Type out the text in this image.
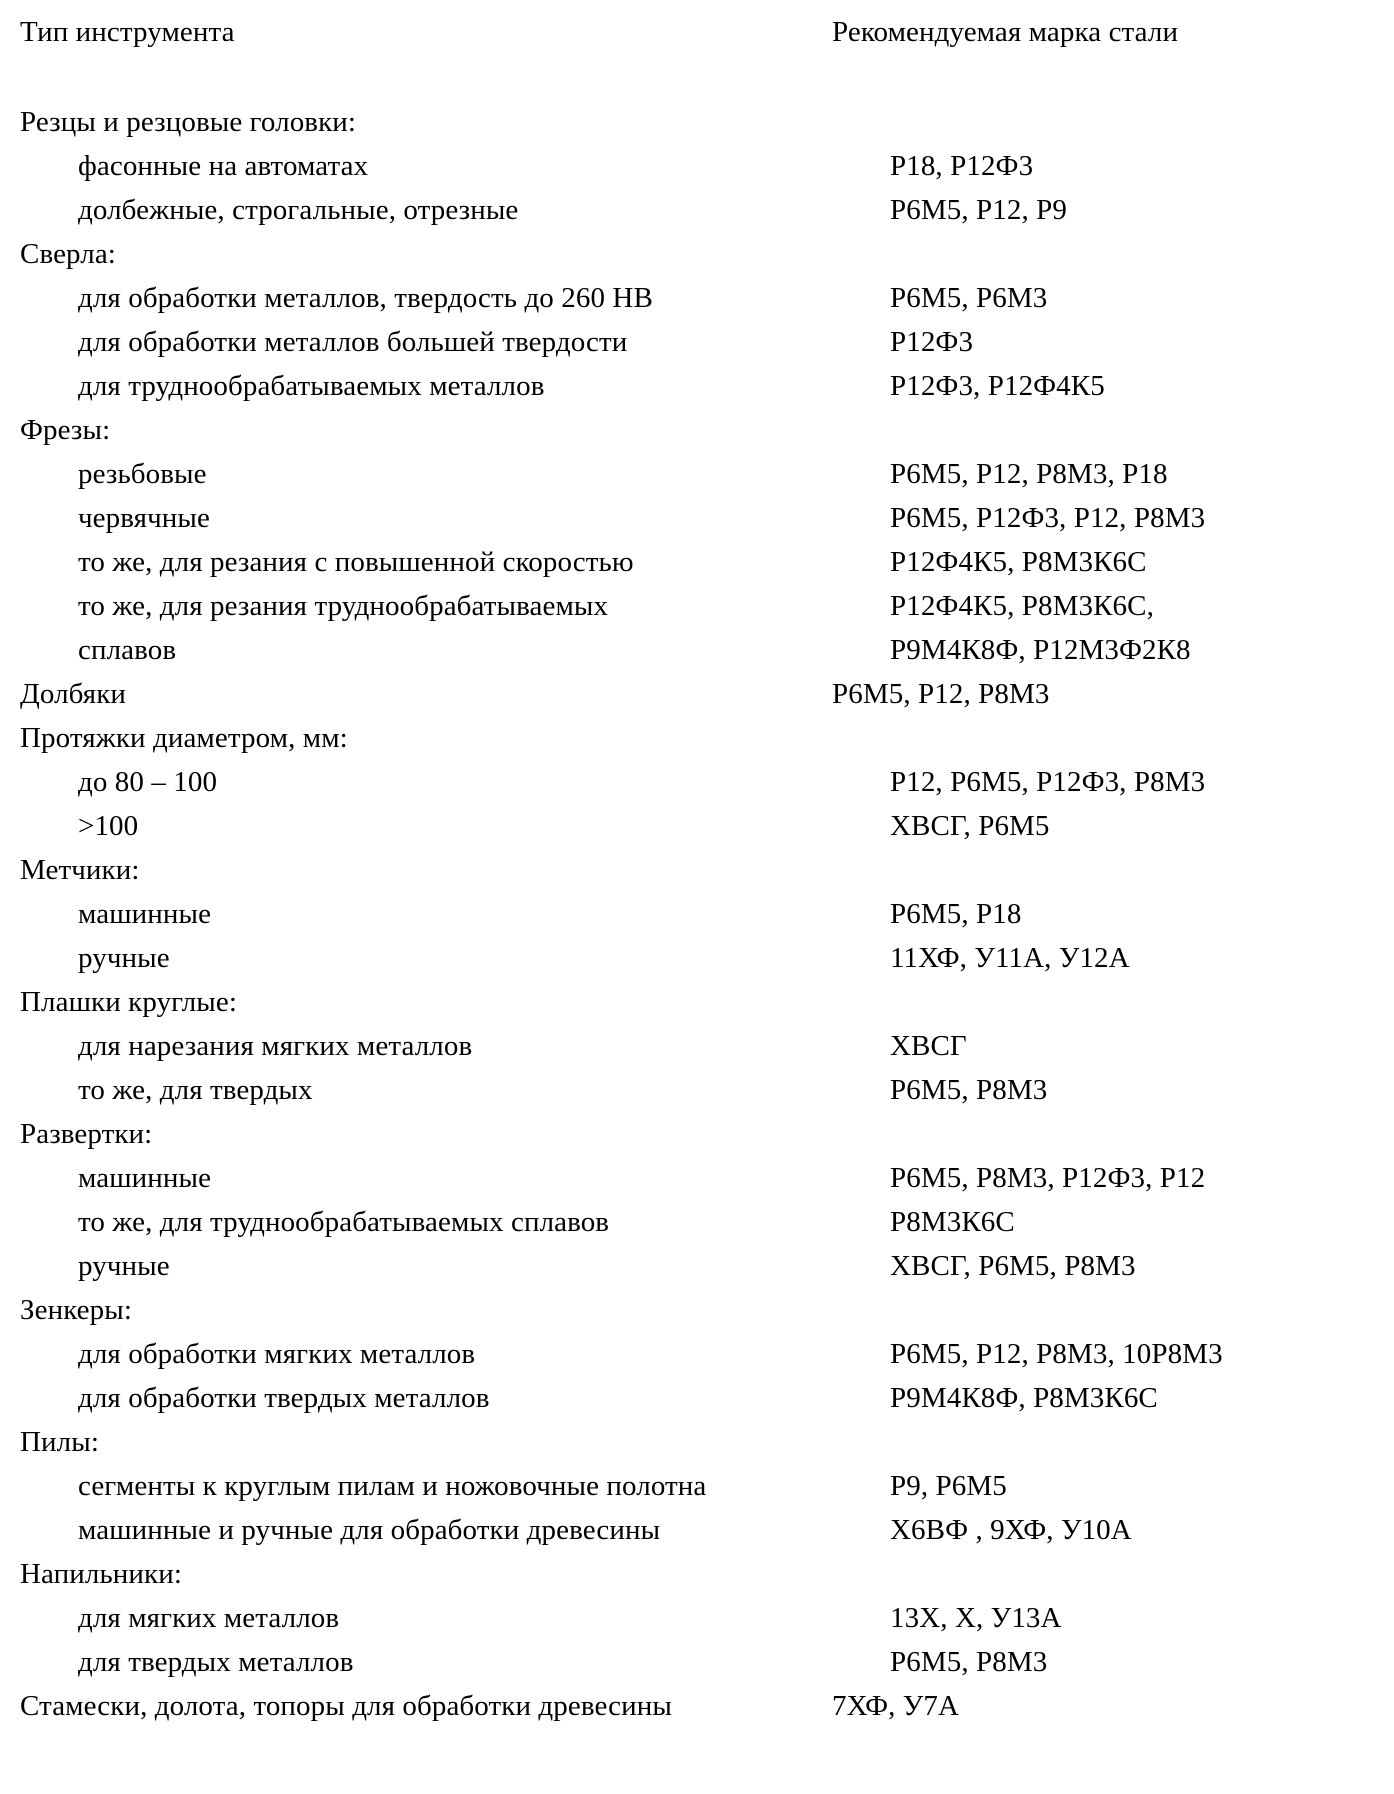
Тип инструмента	Рекомендуемая марка стали
Резцы и резцовые головки:
фасонные на автоматах	Р18, Р12Ф3
долбежные, строгальные, отрезные	Р6М5, Р12, Р9
Сверла:
для обработки металлов, твердость до 260 НВ	Р6М5, Р6М3
для обработки металлов большей твердости	Р12Ф3
для труднообрабатываемых металлов	Р12Ф3, Р12Ф4К5
Фрезы:
резьбовые	Р6М5, Р12, Р8М3, Р18
червячные	Р6М5, Р12Ф3, Р12, Р8М3
то же, для резания с повышенной скоростью	Р12Ф4К5, Р8М3К6С
то же, для резания труднообрабатываемых	Р12Ф4К5, Р8М3К6С,
сплавов	Р9М4К8Ф, Р12М3Ф2К8
Долбяки	Р6М5, Р12, Р8М3
Протяжки диаметром, мм:
до 80 – 100	Р12, Р6М5, Р12Ф3, Р8М3
>100	ХВСГ, Р6М5
Метчики:
машинные	Р6М5, Р18
ручные	11ХФ, У11А, У12А
Плашки круглые:
для нарезания мягких металлов	ХВСГ
то же, для твердых	Р6М5, Р8М3
Развертки:
машинные	Р6М5, Р8М3, Р12Ф3, Р12
то же, для труднообрабатываемых сплавов	Р8М3К6С
ручные	ХВСГ, Р6М5, Р8М3
Зенкеры:
для обработки мягких металлов	Р6М5, Р12, Р8М3, 10Р8М3
для обработки твердых металлов	Р9М4К8Ф, Р8М3К6С
Пилы:
сегменты к круглым пилам и ножовочные полотна	Р9, Р6М5
машинные и ручные для обработки древесины	Х6ВФ , 9ХФ, У10А
Напильники:
для мягких металлов	13Х, Х, У13А
для твердых металлов	Р6М5, Р8М3
Стамески, долота, топоры для обработки древесины	7ХФ, У7А
